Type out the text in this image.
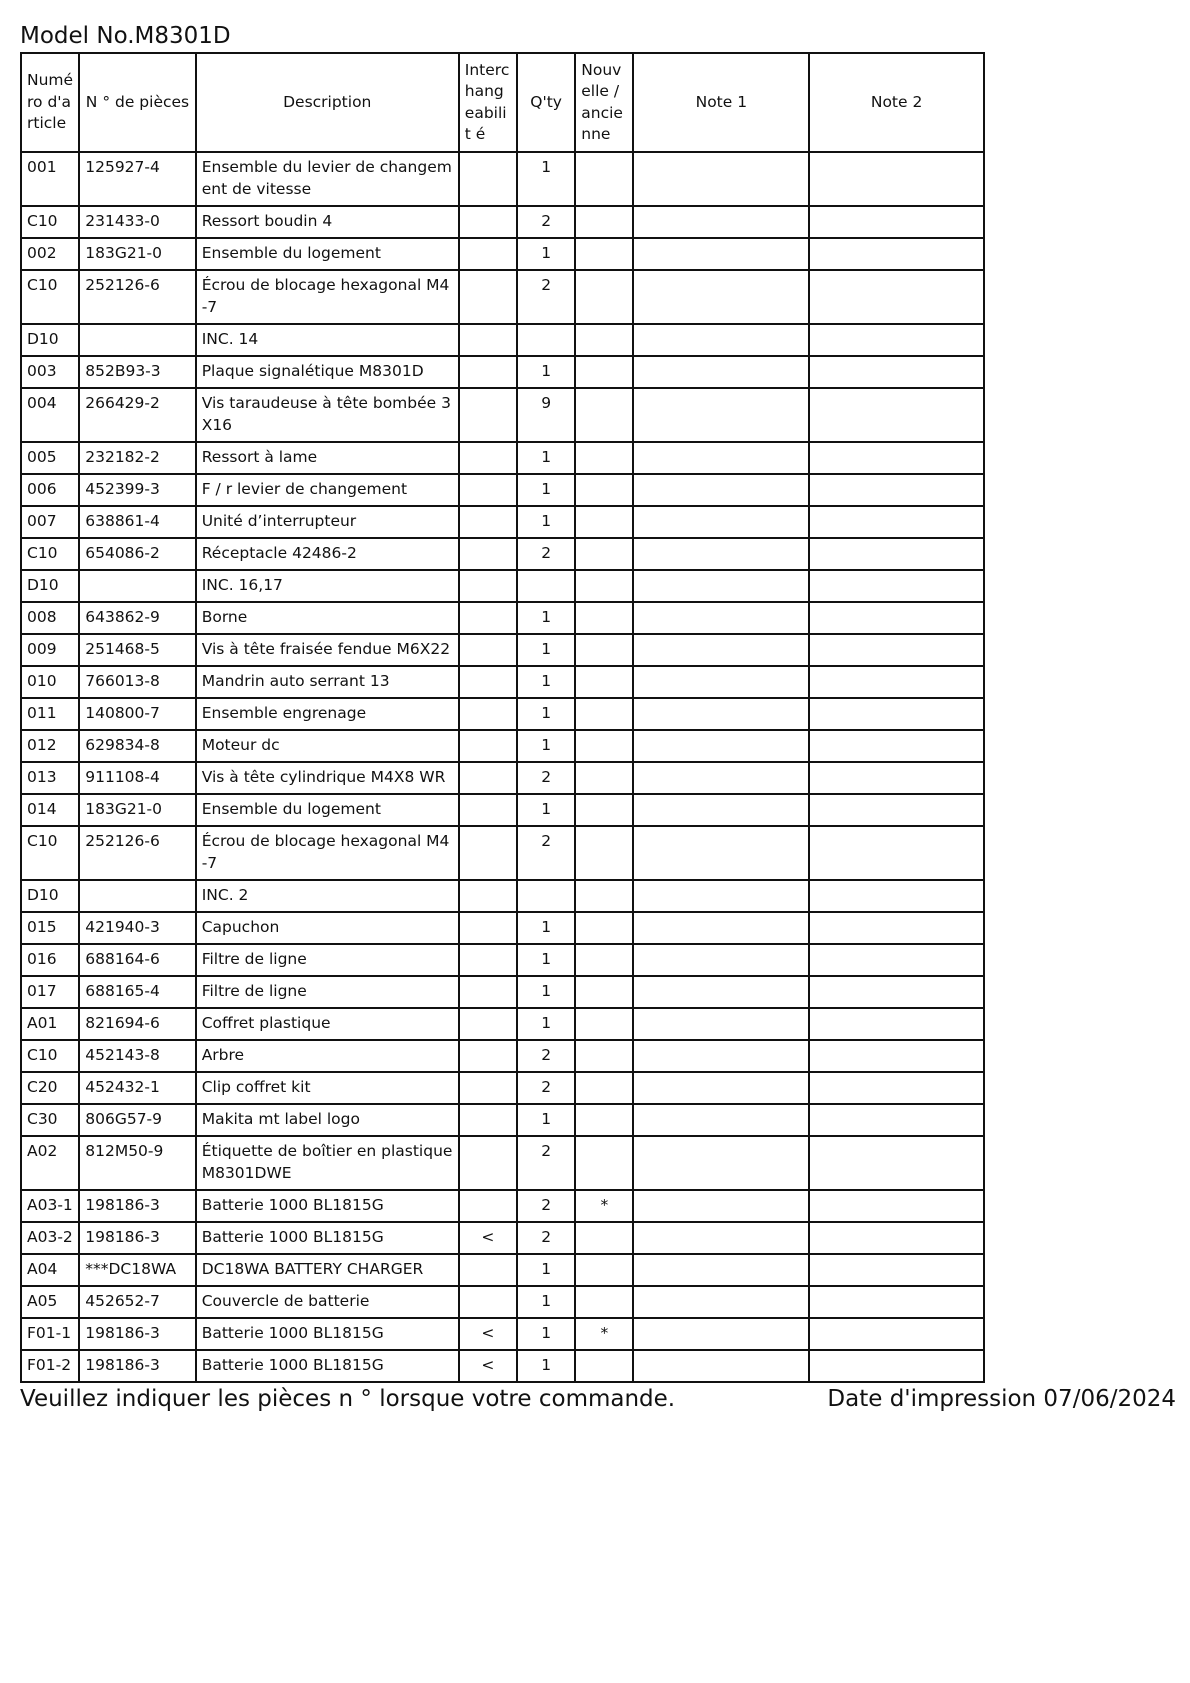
Model No.M8301D
Numé ro d'a rticle	N ° de pièces	Description	Interc hang eabilit é	Q'ty	Nouv elle / ancie nne	Note 1	Note 2
001	125927-4	Ensemble du levier de changement de vitesse		1			
C10	231433-0	Ressort boudin 4		2			
002	183G21-0	Ensemble du logement		1			
C10	252126-6	Écrou de blocage hexagonal M4-7		2			
D10		INC. 14					
003	852B93-3	Plaque signalétique M8301D		1			
004	266429-2	Vis taraudeuse à tête bombée 3X16		9			
005	232182-2	Ressort à lame		1			
006	452399-3	F / r levier de changement		1			
007	638861-4	Unité d’interrupteur		1			
C10	654086-2	Réceptacle 42486-2		2			
D10		INC. 16,17					
008	643862-9	Borne		1			
009	251468-5	Vis à tête fraisée fendue M6X22		1			
010	766013-8	Mandrin auto serrant 13		1			
011	140800-7	Ensemble engrenage		1			
012	629834-8	Moteur dc		1			
013	911108-4	Vis à tête cylindrique M4X8 WR		2			
014	183G21-0	Ensemble du logement		1			
C10	252126-6	Écrou de blocage hexagonal M4-7		2			
D10		INC. 2					
015	421940-3	Capuchon		1			
016	688164-6	Filtre de ligne		1			
017	688165-4	Filtre de ligne		1			
A01	821694-6	Coffret plastique		1			
C10	452143-8	Arbre		2			
C20	452432-1	Clip coffret kit		2			
C30	806G57-9	Makita mt label logo		1			
A02	812M50-9	Étiquette de boîtier en plastique M8301DWE		2			
A03-1	198186-3	Batterie 1000 BL1815G		2	*		
A03-2	198186-3	Batterie 1000 BL1815G	<	2			
A04	***DC18WA	DC18WA BATTERY CHARGER		1			
A05	452652-7	Couvercle de batterie		1			
F01-1	198186-3	Batterie 1000 BL1815G	<	1	*		
F01-2	198186-3	Batterie 1000 BL1815G	<	1			
Veuillez indiquer les pièces n ° lorsque votre commande.	Date d'impression 07/06/2024
